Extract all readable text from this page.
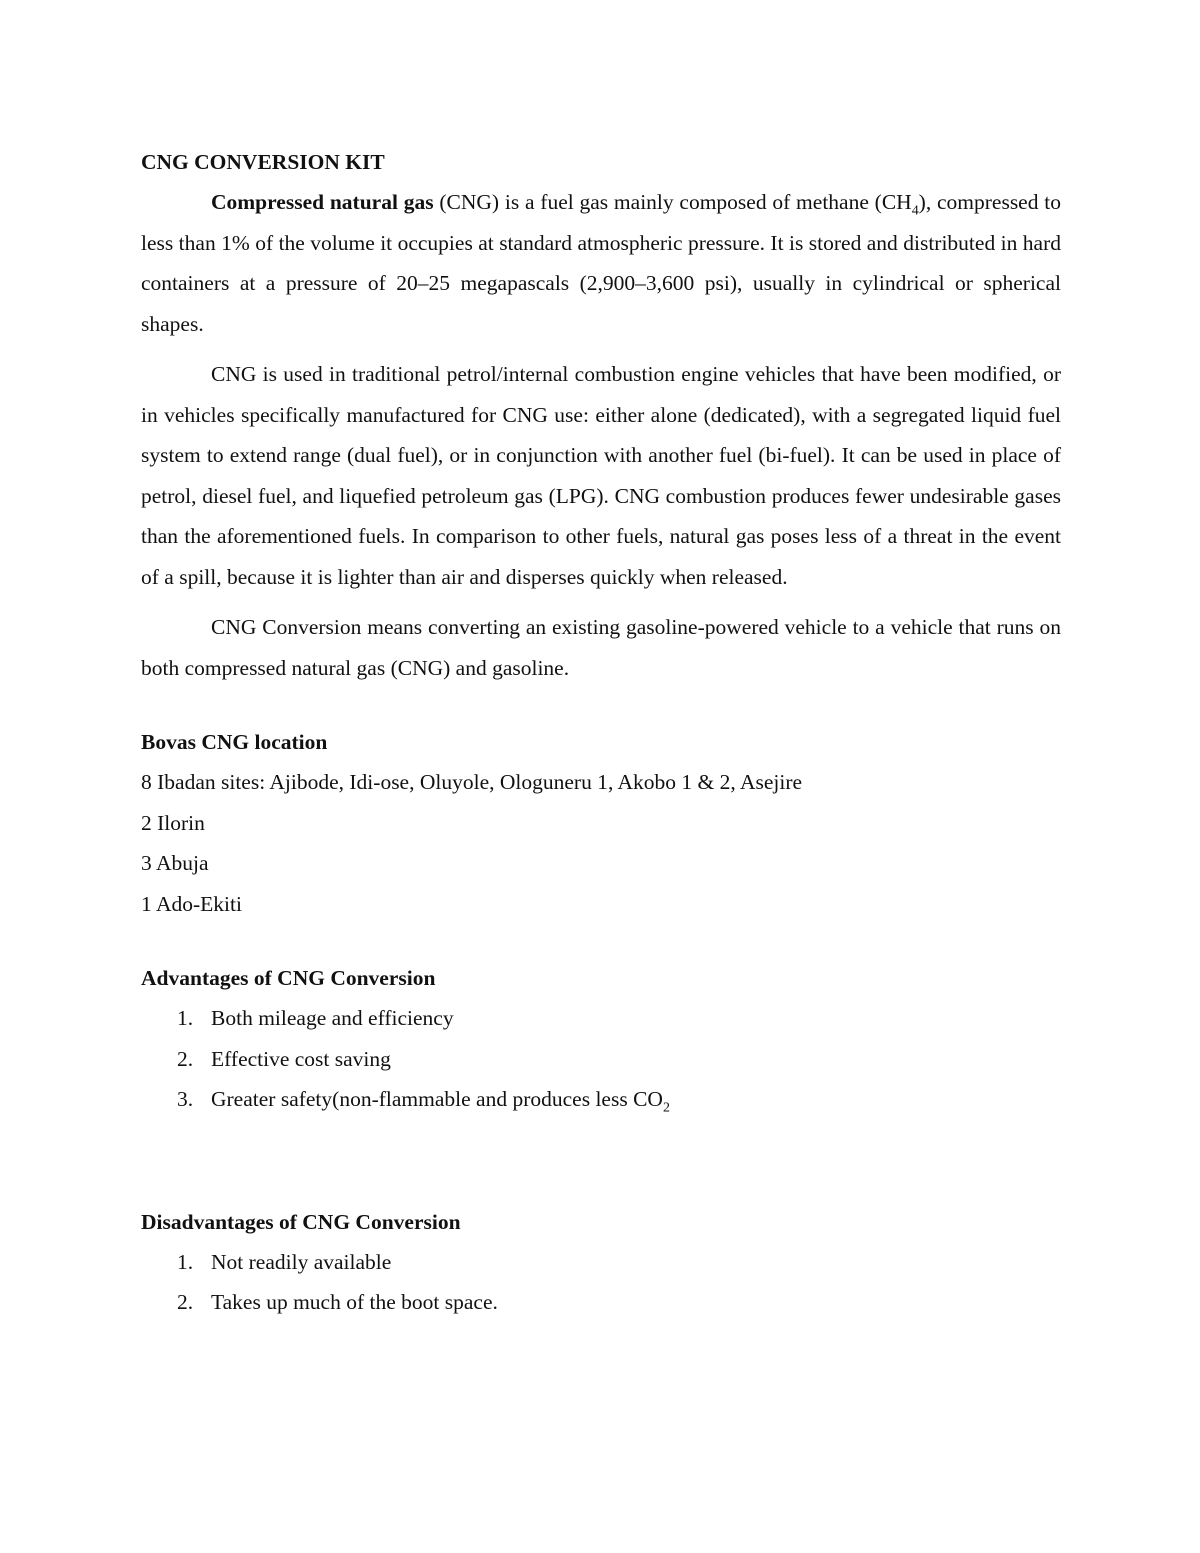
CNG CONVERSION KIT

Compressed natural gas (CNG) is a fuel gas mainly composed of methane $(CH_4)$, compressed to less than 1% of the volume it occupies at standard atmospheric pressure. It is stored and distributed in hard containers at a pressure of 20–25 megapascals (2,900–3,600 psi), usually in cylindrical or spherical shapes.

CNG is used in traditional petrol/internal combustion engine vehicles that have been modified, or in vehicles specifically manufactured for CNG use: either alone (dedicated), with a segregated liquid fuel system to extend range (dual fuel), or in conjunction with another fuel (bi-fuel). It can be used in place of petrol, diesel fuel, and liquefied petroleum gas (LPG). CNG combustion produces fewer undesirable gases than the aforementioned fuels. In comparison to other fuels, natural gas poses less of a threat in the event of a spill, because it is lighter than air and disperses quickly when released.

CNG Conversion means converting an existing gasoline-powered vehicle to a vehicle that runs on both compressed natural gas (CNG) and gasoline.

Bovas CNG location

8 Ibadan sites: Ajibode, Idi-ose, Oluyole, Ologuneru 1, Akobo 1 & 2, Asejire

2 Ilorin

3 Abuja

1 Ado-Ekiti

Advantages of CNG Conversion

1. Both mileage and efficiency
2. Effective cost saving
3. Greater safety(non-flammable and produces less $CO_2$

Disadvantages of CNG Conversion

1. Not readily available
2. Takes up much of the boot space.
